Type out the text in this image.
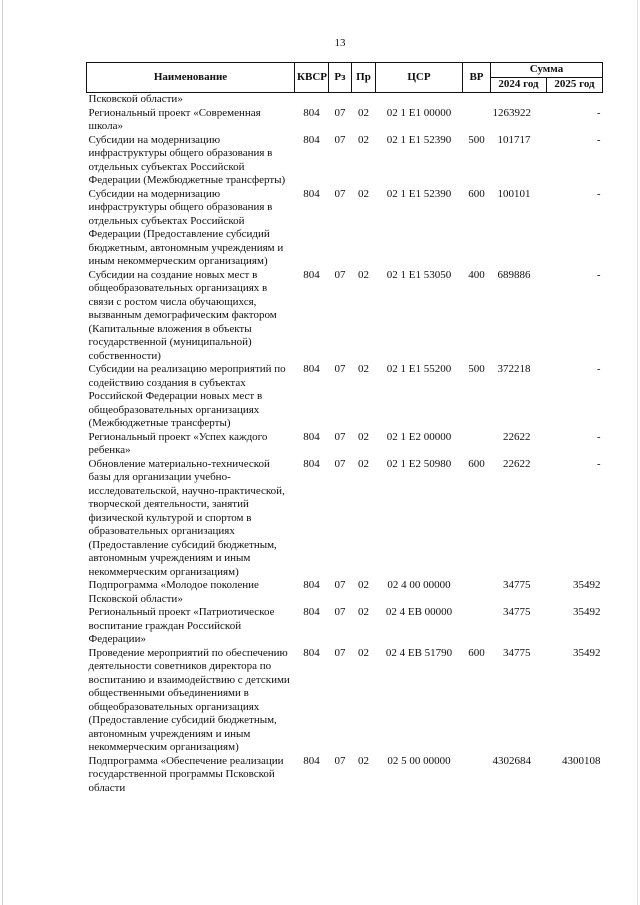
13
Наименование	КВСР	Рз	Пр	ЦСР	ВР	Сумма	
						2024 год	2025 год
Псковской области»							
Региональный проект «Современная школа»	804	07	02	02 1 E1 00000		1263922	-
Субсидии на модернизацию инфраструктуры общего образования в отдельных субъектах Российской Федерации (Межбюджетные трансферты)	804	07	02	02 1 E1 52390	500	101717	-
Субсидии на модернизацию инфраструктуры общего образования в отдельных субъектах Российской Федерации (Предоставление субсидий бюджетным, автономным учреждениям и иным некоммерческим организациям)	804	07	02	02 1 E1 52390	600	100101	-
Субсидии на создание новых мест в общеобразовательных организациях в связи с ростом числа обучающихся, вызванным демографическим фактором (Капитальные вложения в объекты государственной (муниципальной) собственности)	804	07	02	02 1 E1 53050	400	689886	-
Субсидии на реализацию мероприятий по содействию создания в субъектах Российской Федерации новых мест в общеобразовательных организациях (Межбюджетные трансферты)	804	07	02	02 1 E1 55200	500	372218	-
Региональный проект «Успех каждого ребенка»	804	07	02	02 1 E2 00000		22622	-
Обновление материально-технической базы для организации учебно-исследовательской, научно-практической, творческой деятельности, занятий физической культурой и спортом в образовательных организациях (Предоставление субсидий бюджетным, автономным учреждениям и иным некоммерческим организациям)	804	07	02	02 1 E2 50980	600	22622	-
Подпрограмма «Молодое поколение Псковской области»	804	07	02	02 4 00 00000		34775	35492
Региональный проект «Патриотическое воспитание граждан Российской Федерации»	804	07	02	02 4 EB 00000		34775	35492
Проведение мероприятий по обеспечению деятельности советников директора по воспитанию и взаимодействию с детскими общественными объединениями в общеобразовательных организациях (Предоставление субсидий бюджетным, автономным учреждениям и иным некоммерческим организациям)	804	07	02	02 4 EB 51790	600	34775	35492
Подпрограмма «Обеспечение реализации государственной программы Псковской области	804	07	02	02 5 00 00000		4302684	4300108
